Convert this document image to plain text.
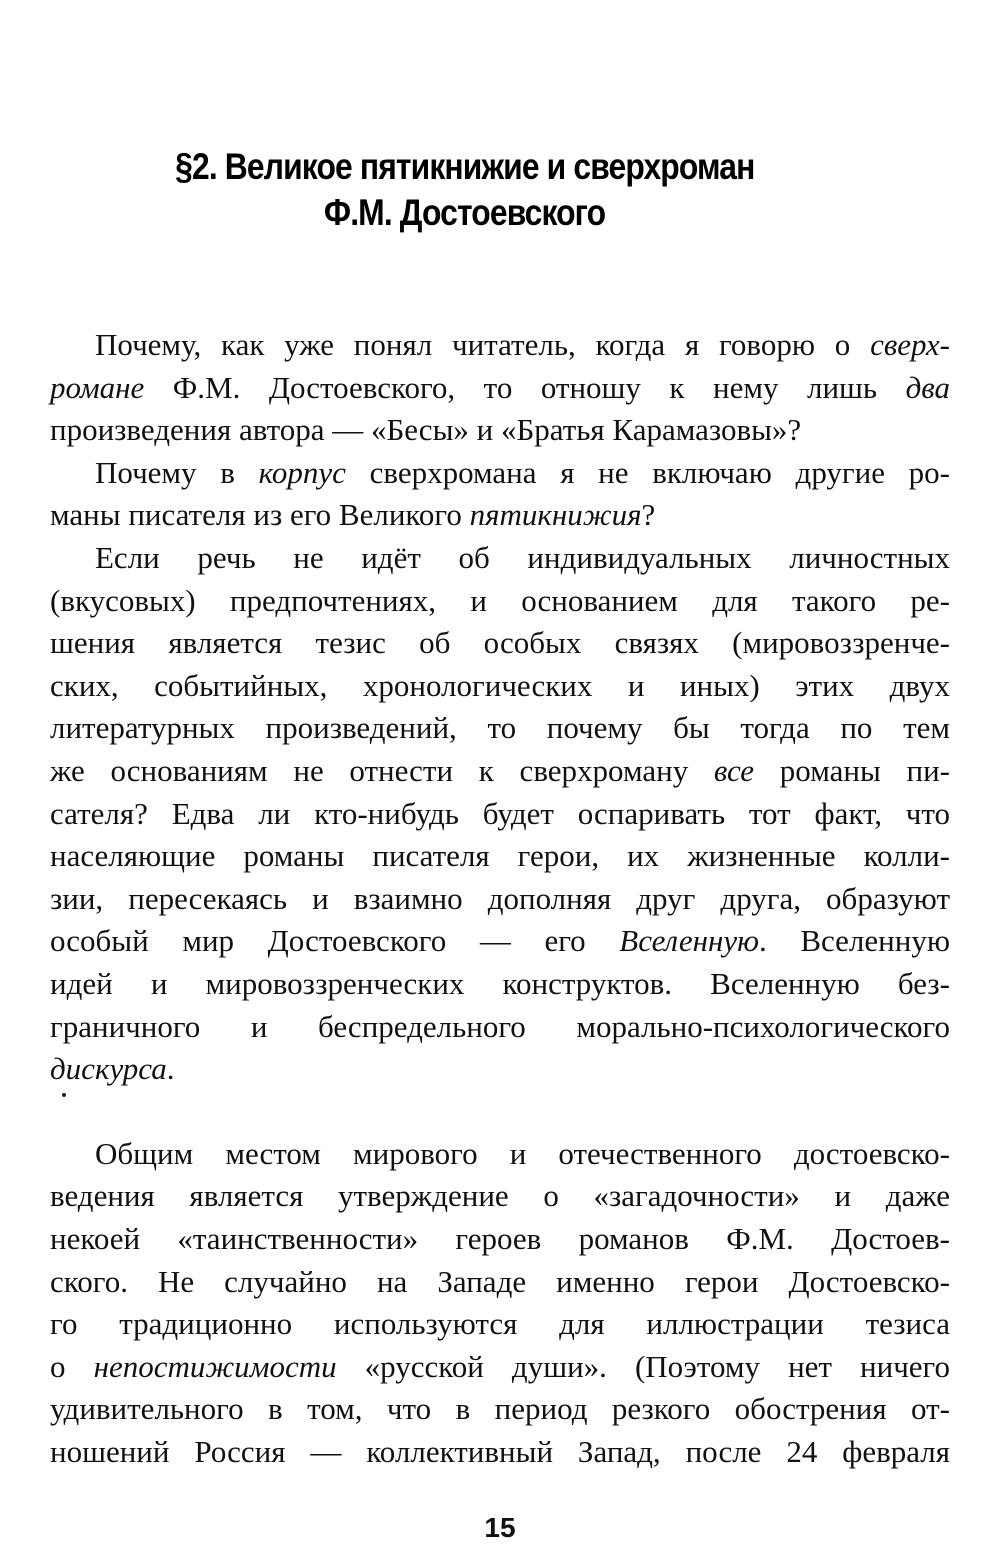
§2. Великое пятикнижие и сверхроман
Ф.М. Достоевского
Почему, как уже понял читатель, когда я говорю о сверх-
романе Ф.М. Достоевского, то отношу к нему лишь два
произведения автора — «Бесы» и «Братья Карамазовы»?
Почему в корпус сверхромана я не включаю другие ро-
маны писателя из его Великого пятикнижия?
Если речь не идёт об индивидуальных личностных
(вкусовых) предпочтениях, и основанием для такого ре-
шения является тезис об особых связях (мировоззренче-
ских, событийных, хронологических и иных) этих двух
литературных произведений, то почему бы тогда по тем
же основаниям не отнести к сверхроману все романы пи-
сателя? Едва ли кто-нибудь будет оспаривать тот факт, что
населяющие романы писателя герои, их жизненные колли-
зии, пересекаясь и взаимно дополняя друг друга, образуют
особый мир Достоевского — его Вселенную. Вселенную
идей и мировоззренческих конструктов. Вселенную без-
граничного и беспредельного морально-психологического
дискурса.
Общим местом мирового и отечественного достоевско-
ведения является утверждение о «загадочности» и даже
некоей «таинственности» героев романов Ф.М. Достоев-
ского. Не случайно на Западе именно герои Достоевско-
го традиционно используются для иллюстрации тезиса
о непостижимости «русской души». (Поэтому нет ничего
удивительного в том, что в период резкого обострения от-
ношений Россия — коллективный Запад, после 24 февраля
15
